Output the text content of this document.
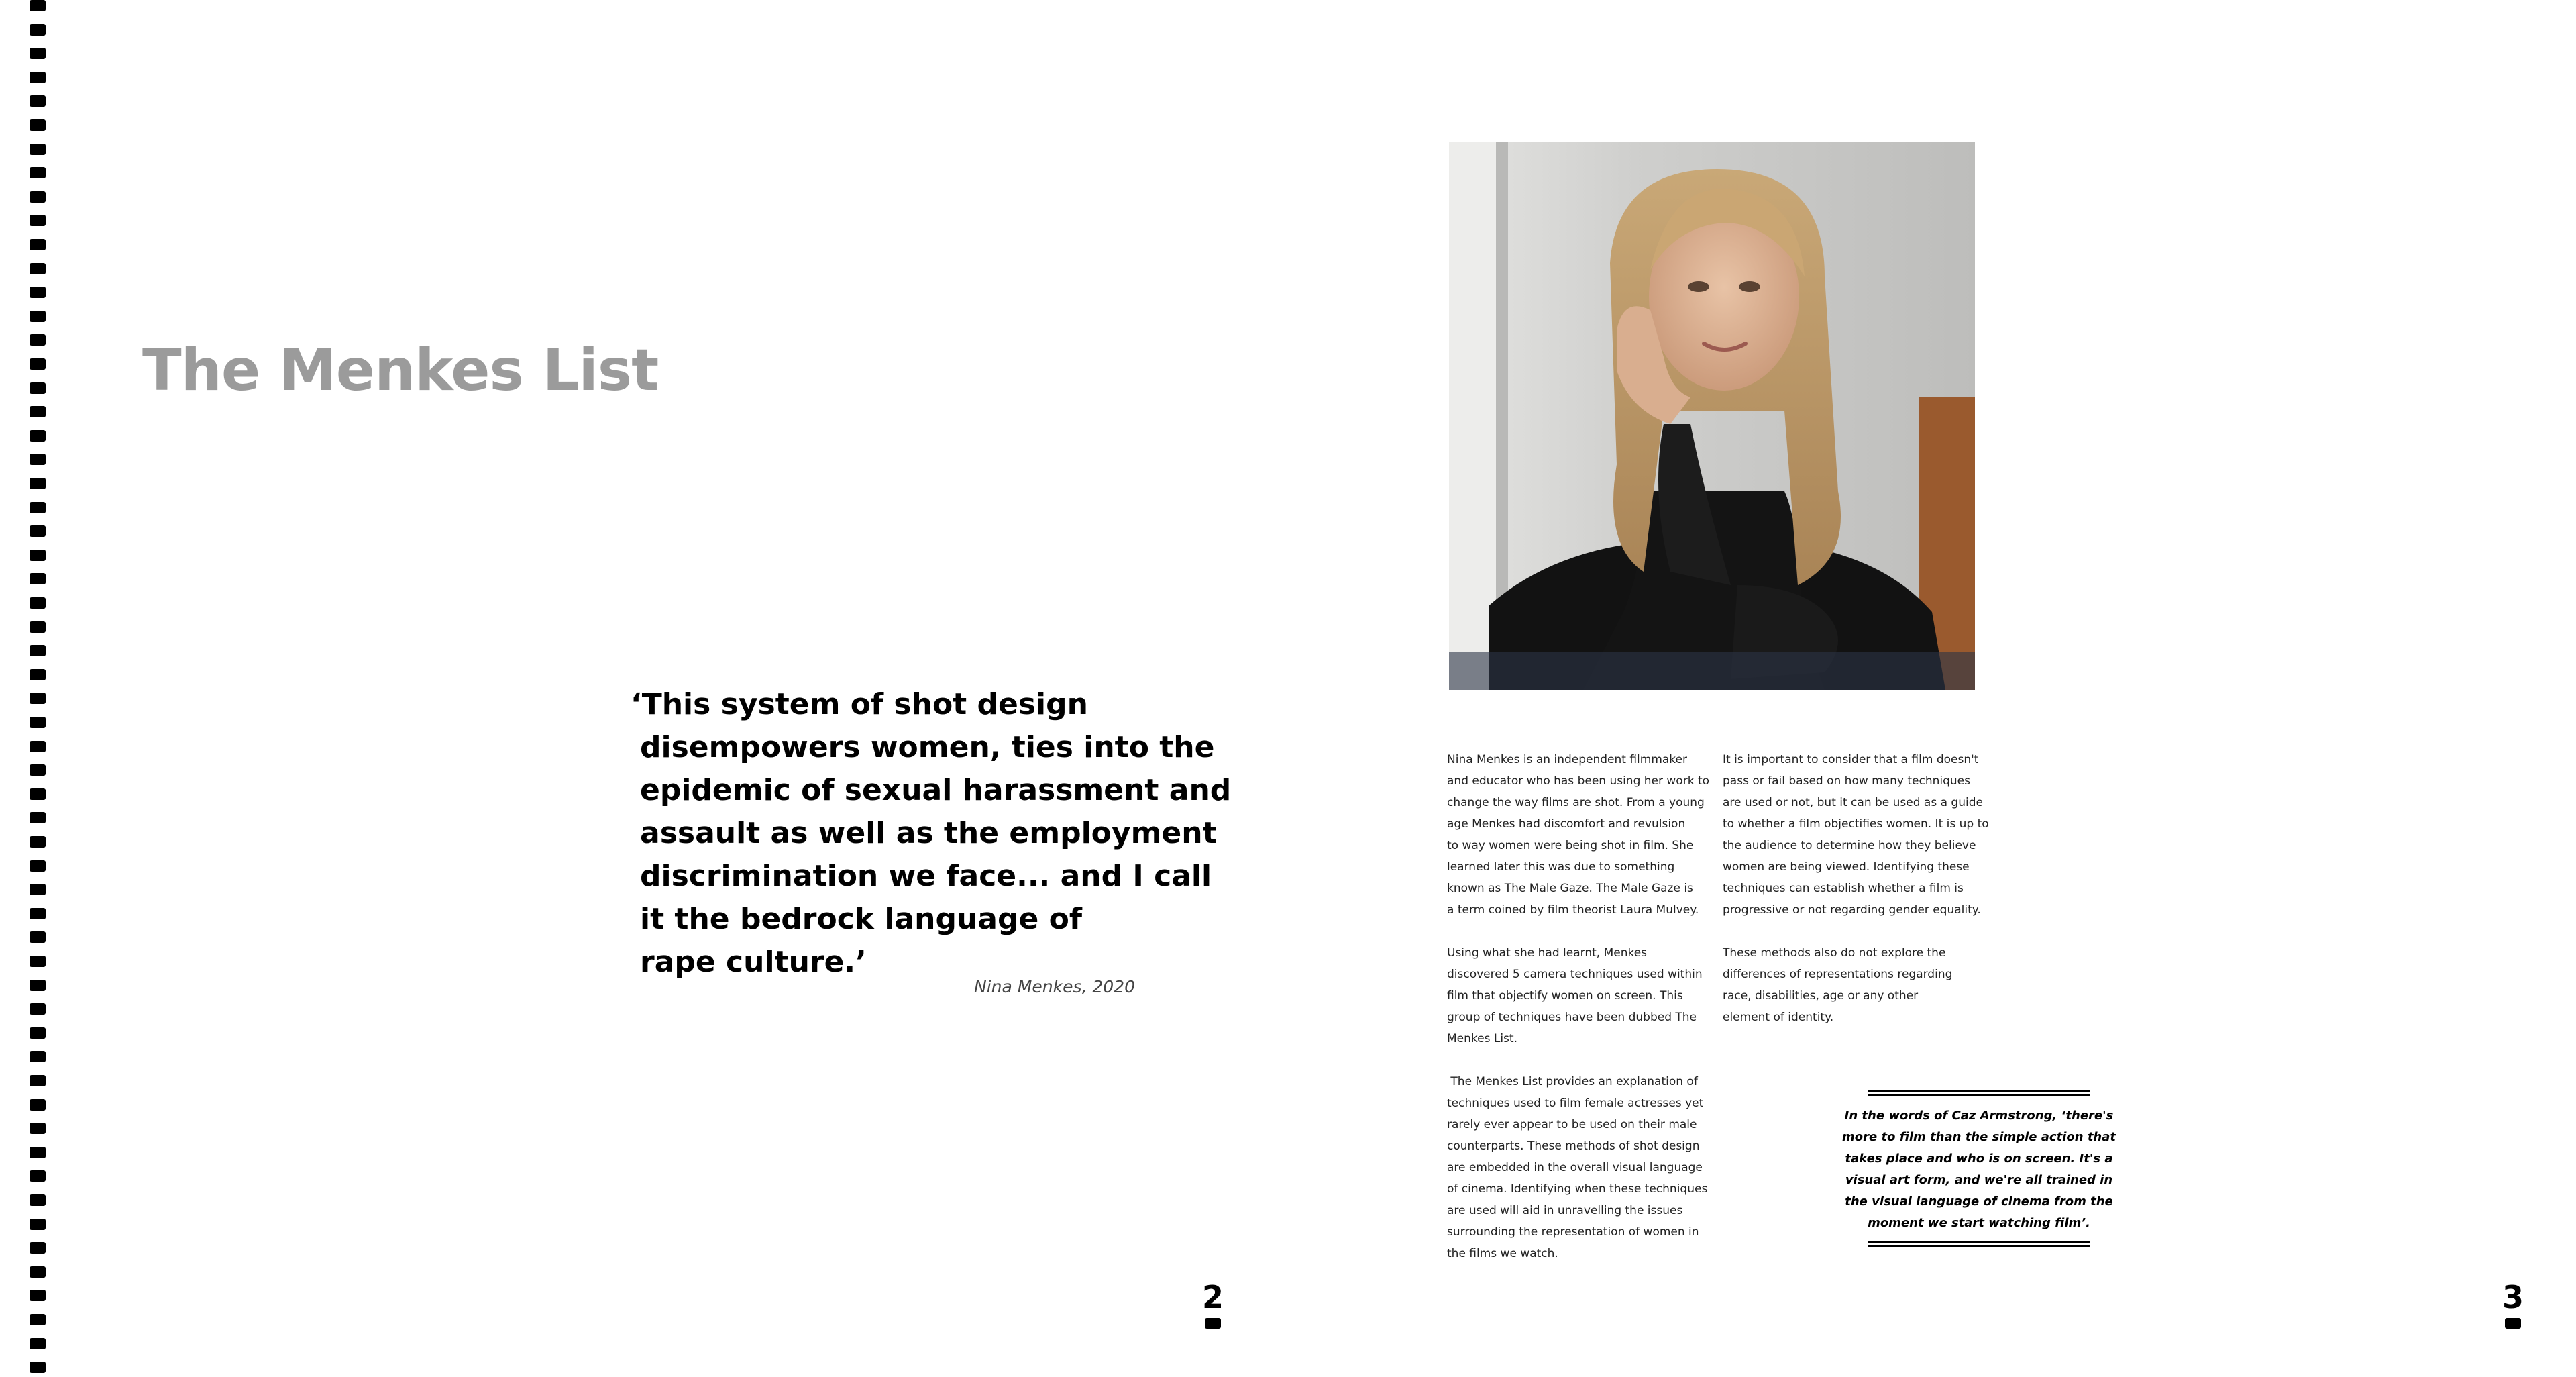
The Menkes List
‘This system of shot design
disempowers women, ties into the
epidemic of sexual harassment and
assault as well as the employment
discrimination we face... and I call
it the bedrock language of
rape culture.’
Nina Menkes, 2020
2

Nina Menkes is an independent filmmaker
and educator who has been using her work to
change the way films are shot. From a young
age Menkes had discomfort and revulsion
to way women were being shot in film. She
learned later this was due to something
known as The Male Gaze. The Male Gaze is
a term coined by film theorist Laura Mulvey.

Using what she had learnt, Menkes
discovered 5 camera techniques used within
film that objectify women on screen. This
group of techniques have been dubbed The
Menkes List.

The Menkes List provides an explanation of
techniques used to film female actresses yet
rarely ever appear to be used on their male
counterparts. These methods of shot design
are embedded in the overall visual language
of cinema. Identifying when these techniques
are used will aid in unravelling the issues
surrounding the representation of women in
the films we watch.

It is important to consider that a film doesn't
pass or fail based on how many techniques
are used or not, but it can be used as a guide
to whether a film objectifies women. It is up to
the audience to determine how they believe
women are being viewed. Identifying these
techniques can establish whether a film is
progressive or not regarding gender equality.

These methods also do not explore the
differences of representations regarding
race, disabilities, age or any other
element of identity.

In the words of Caz Armstrong, ‘there's
more to film than the simple action that
takes place and who is on screen. It's a
visual art form, and we're all trained in
the visual language of cinema from the
moment we start watching film’.
3
